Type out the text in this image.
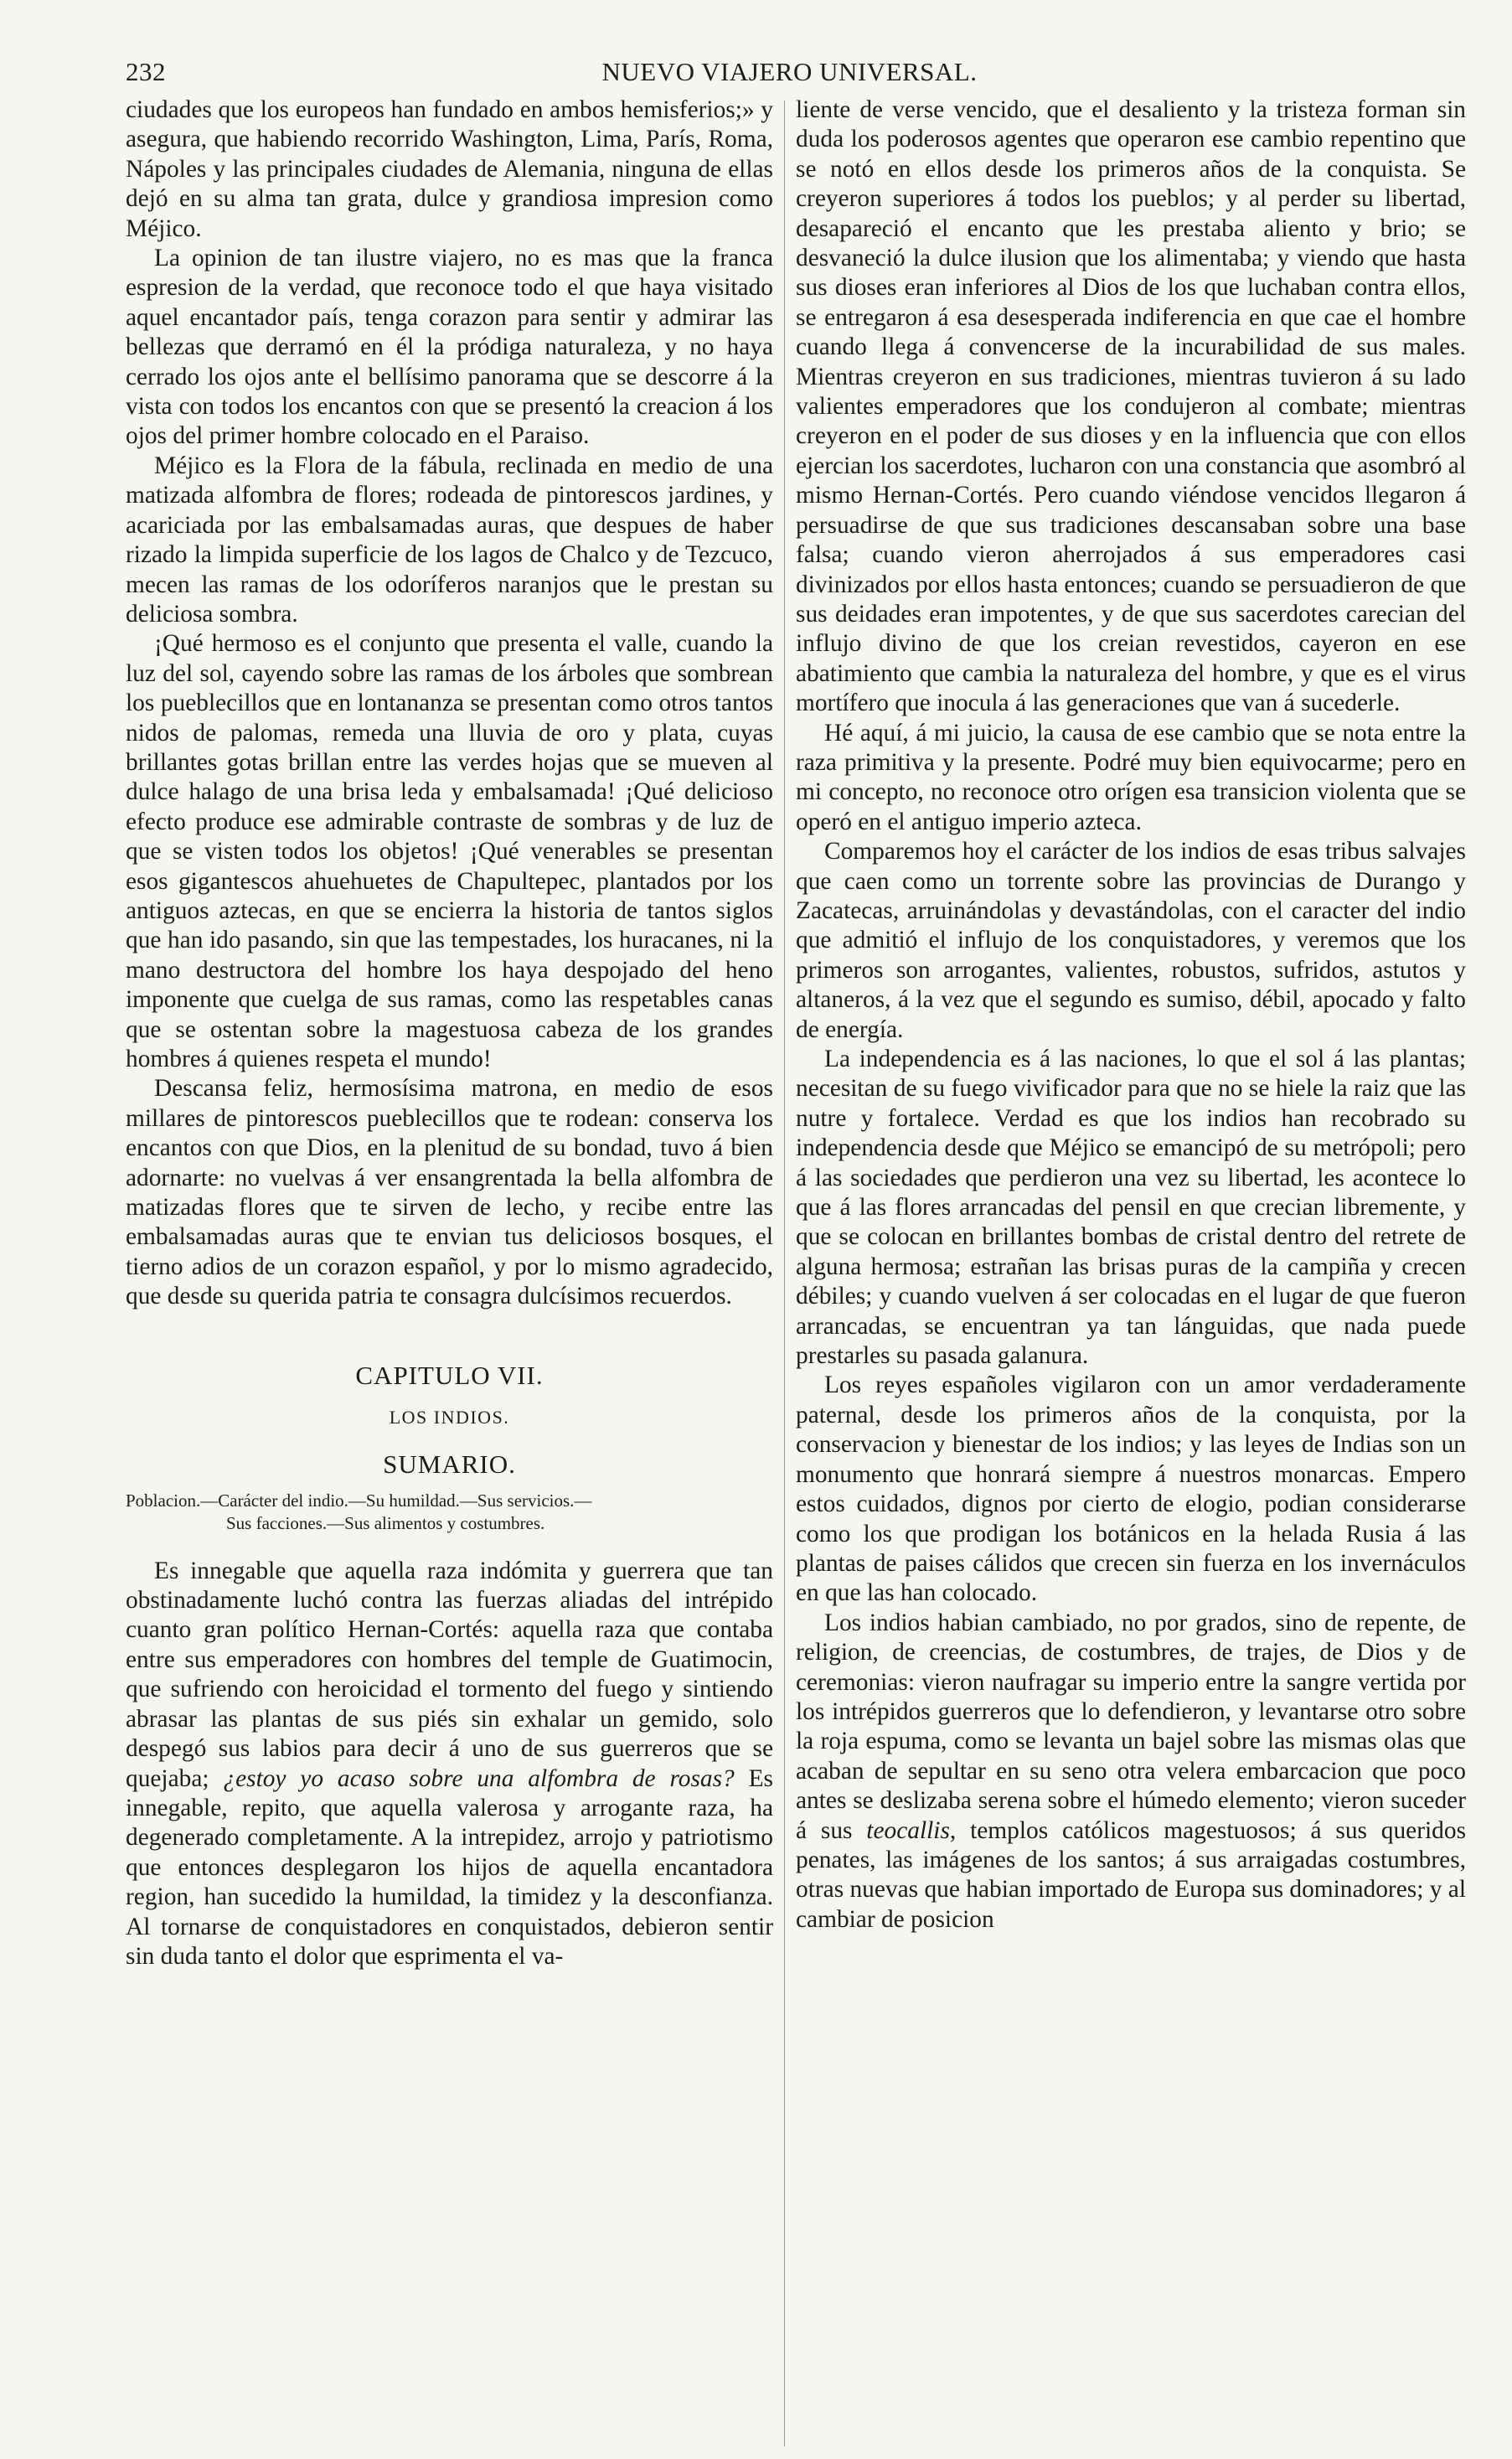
232	NUEVO VIAJERO UNIVERSAL.

ciudades que los europeos han fundado en ambos hemisferios;» y asegura, que habiendo recorrido Washington, Lima, París, Roma, Nápoles y las principales ciudades de Alemania, ninguna de ellas dejó en su alma tan grata, dulce y grandiosa impresion como Méjico.

La opinion de tan ilustre viajero, no es mas que la franca espresion de la verdad, que reconoce todo el que haya visitado aquel encantador país, tenga corazon para sentir y admirar las bellezas que derramó en él la pródiga naturaleza, y no haya cerrado los ojos ante el bellísimo panorama que se descorre á la vista con todos los encantos con que se presentó la creacion á los ojos del primer hombre colocado en el Paraiso.

Méjico es la Flora de la fábula, reclinada en medio de una matizada alfombra de flores; rodeada de pintorescos jardines, y acariciada por las embalsamadas auras, que despues de haber rizado la limpida superficie de los lagos de Chalco y de Tezcuco, mecen las ramas de los odoríferos naranjos que le prestan su deliciosa sombra.

¡Qué hermoso es el conjunto que presenta el valle, cuando la luz del sol, cayendo sobre las ramas de los árboles que sombrean los pueblecillos que en lontananza se presentan como otros tantos nidos de palomas, remeda una lluvia de oro y plata, cuyas brillantes gotas brillan entre las verdes hojas que se mueven al dulce halago de una brisa leda y embalsamada! ¡Qué delicioso efecto produce ese admirable contraste de sombras y de luz de que se visten todos los objetos! ¡Qué venerables se presentan esos gigantescos ahuehuetes de Chapultepec, plantados por los antiguos aztecas, en que se encierra la historia de tantos siglos que han ido pasando, sin que las tempestades, los huracanes, ni la mano destructora del hombre los haya despojado del heno imponente que cuelga de sus ramas, como las respetables canas que se ostentan sobre la magestuosa cabeza de los grandes hombres á quienes respeta el mundo!

Descansa feliz, hermosísima matrona, en medio de esos millares de pintorescos pueblecillos que te rodean: conserva los encantos con que Dios, en la plenitud de su bondad, tuvo á bien adornarte: no vuelvas á ver ensangrentada la bella alfombra de matizadas flores que te sirven de lecho, y recibe entre las embalsamadas auras que te envian tus deliciosos bosques, el tierno adios de un corazon español, y por lo mismo agradecido, que desde su querida patria te consagra dulcísimos recuerdos.

CAPITULO VII.
LOS INDIOS.
SUMARIO.
Poblacion.—Carácter del indio.—Su humildad.—Sus servicios.—
Sus facciones.—Sus alimentos y costumbres.

Es innegable que aquella raza indómita y guerrera que tan obstinadamente luchó contra las fuerzas aliadas del intrépido cuanto gran político Hernan-Cortés: aquella raza que contaba entre sus emperadores con hombres del temple de Guatimocin, que sufriendo con heroicidad el tormento del fuego y sintiendo abrasar las plantas de sus piés sin exhalar un gemido, solo despegó sus labios para decir á uno de sus guerreros que se quejaba; ¿estoy yo acaso sobre una alfombra de rosas? Es innegable, repito, que aquella valerosa y arrogante raza, ha degenerado completamente. A la intrepidez, arrojo y patriotismo que entonces desplegaron los hijos de aquella encantadora region, han sucedido la humildad, la timidez y la desconfianza. Al tornarse de conquistadores en conquistados, debieron sentir sin duda tanto el dolor que esprimenta el va-

liente de verse vencido, que el desaliento y la tristeza forman sin duda los poderosos agentes que operaron ese cambio repentino que se notó en ellos desde los primeros años de la conquista. Se creyeron superiores á todos los pueblos; y al perder su libertad, desapareció el encanto que les prestaba aliento y brio; se desvaneció la dulce ilusion que los alimentaba; y viendo que hasta sus dioses eran inferiores al Dios de los que luchaban contra ellos, se entregaron á esa desesperada indiferencia en que cae el hombre cuando llega á convencerse de la incurabilidad de sus males. Mientras creyeron en sus tradiciones, mientras tuvieron á su lado valientes emperadores que los condujeron al combate; mientras creyeron en el poder de sus dioses y en la influencia que con ellos ejercian los sacerdotes, lucharon con una constancia que asombró al mismo Hernan-Cortés. Pero cuando viéndose vencidos llegaron á persuadirse de que sus tradiciones descansaban sobre una base falsa; cuando vieron aherrojados á sus emperadores casi divinizados por ellos hasta entonces; cuando se persuadieron de que sus deidades eran impotentes, y de que sus sacerdotes carecian del influjo divino de que los creian revestidos, cayeron en ese abatimiento que cambia la naturaleza del hombre, y que es el virus mortífero que inocula á las generaciones que van á sucederle.

Hé aquí, á mi juicio, la causa de ese cambio que se nota entre la raza primitiva y la presente. Podré muy bien equivocarme; pero en mi concepto, no reconoce otro orígen esa transicion violenta que se operó en el antiguo imperio azteca.

Comparemos hoy el carácter de los indios de esas tribus salvajes que caen como un torrente sobre las provincias de Durango y Zacatecas, arruinándolas y devastándolas, con el caracter del indio que admitió el influjo de los conquistadores, y veremos que los primeros son arrogantes, valientes, robustos, sufridos, astutos y altaneros, á la vez que el segundo es sumiso, débil, apocado y falto de energía.

La independencia es á las naciones, lo que el sol á las plantas; necesitan de su fuego vivificador para que no se hiele la raiz que las nutre y fortalece. Verdad es que los indios han recobrado su independencia desde que Méjico se emancipó de su metrópoli; pero á las sociedades que perdieron una vez su libertad, les acontece lo que á las flores arrancadas del pensil en que crecian libremente, y que se colocan en brillantes bombas de cristal dentro del retrete de alguna hermosa; estrañan las brisas puras de la campiña y crecen débiles; y cuando vuelven á ser colocadas en el lugar de que fueron arrancadas, se encuentran ya tan lánguidas, que nada puede prestarles su pasada galanura.

Los reyes españoles vigilaron con un amor verdaderamente paternal, desde los primeros años de la conquista, por la conservacion y bienestar de los indios; y las leyes de Indias son un monumento que honrará siempre á nuestros monarcas. Empero estos cuidados, dignos por cierto de elogio, podian considerarse como los que prodigan los botánicos en la helada Rusia á las plantas de paises cálidos que crecen sin fuerza en los invernáculos en que las han colocado.

Los indios habian cambiado, no por grados, sino de repente, de religion, de creencias, de costumbres, de trajes, de Dios y de ceremonias: vieron naufragar su imperio entre la sangre vertida por los intrépidos guerreros que lo defendieron, y levantarse otro sobre la roja espuma, como se levanta un bajel sobre las mismas olas que acaban de sepultar en su seno otra velera embarcacion que poco antes se deslizaba serena sobre el húmedo elemento; vieron suceder á sus teocallis, templos católicos magestuosos; á sus queridos penates, las imágenes de los santos; á sus arraigadas costumbres, otras nuevas que habian importado de Europa sus dominadores; y al cambiar de posicion
